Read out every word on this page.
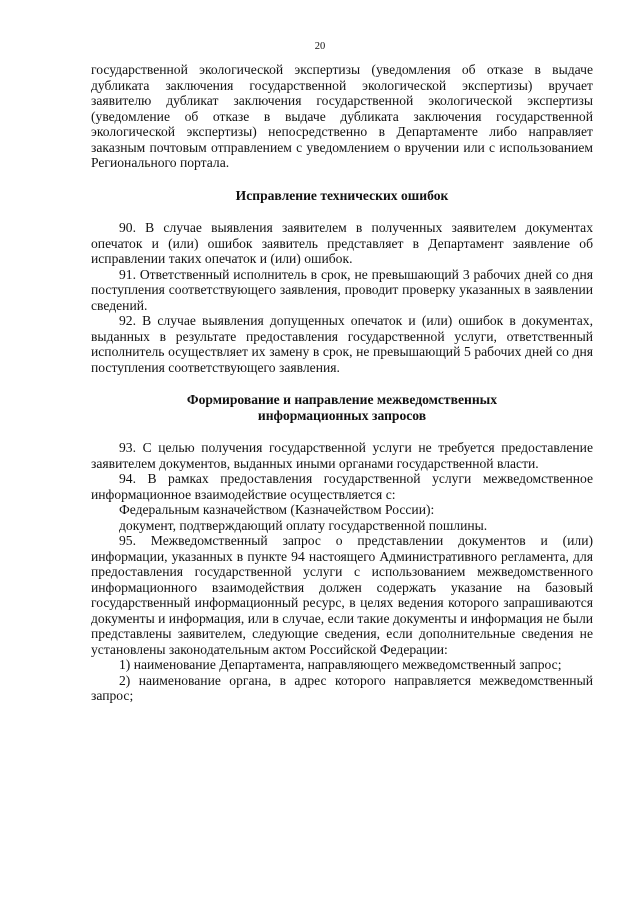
20

государственной экологической экспертизы (уведомления об отказе в выдаче дубликата заключения государственной экологической экспертизы) вручает заявителю дубликат заключения государственной экологической экспертизы (уведомление об отказе в выдаче дубликата заключения государственной экологической экспертизы) непосредственно в Департаменте либо направляет заказным почтовым отправлением с уведомлением о вручении или с использованием Регионального портала.

Исправление технических ошибок

90. В случае выявления заявителем в полученных заявителем документах опечаток и (или) ошибок заявитель представляет в Департамент заявление об исправлении таких опечаток и (или) ошибок.

91. Ответственный исполнитель в срок, не превышающий 3 рабочих дней со дня поступления соответствующего заявления, проводит проверку указанных в заявлении сведений.

92. В случае выявления допущенных опечаток и (или) ошибок в документах, выданных в результате предоставления государственной услуги, ответственный исполнитель осуществляет их замену в срок, не превышающий 5 рабочих дней со дня поступления соответствующего заявления.

Формирование и направление межведомственных
информационных запросов

93. С целью получения государственной услуги не требуется предоставление заявителем документов, выданных иными органами государственной власти.

94. В рамках предоставления государственной услуги межведомственное информационное взаимодействие осуществляется с:

Федеральным казначейством (Казначейством России):

документ, подтверждающий оплату государственной пошлины.

95. Межведомственный запрос о представлении документов и (или) информации, указанных в пункте 94 настоящего Административного регламента, для предоставления государственной услуги с использованием межведомственного информационного взаимодействия должен содержать указание на базовый государственный информационный ресурс, в целях ведения которого запрашиваются документы и информация, или в случае, если такие документы и информация не были представлены заявителем, следующие сведения, если дополнительные сведения не установлены законодательным актом Российской Федерации:

1) наименование Департамента, направляющего межведомственный запрос;

2) наименование органа, в адрес которого направляется межведомственный запрос;
